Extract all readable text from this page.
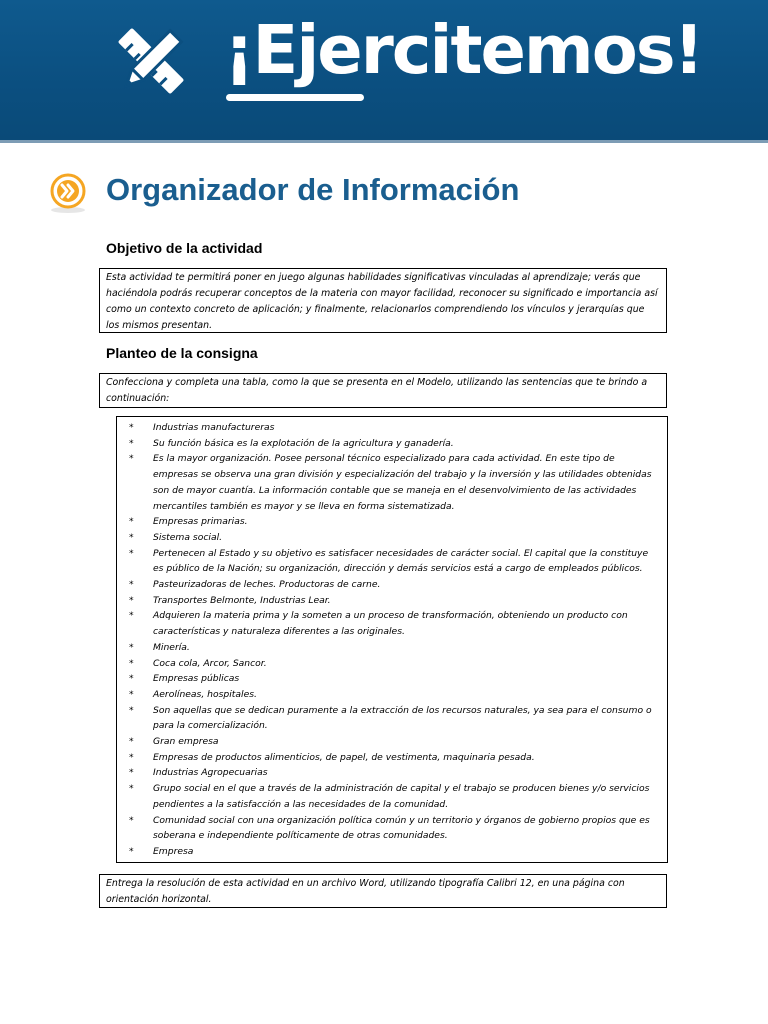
¡Ejercitemos!
Organizador de Información
Objetivo de la actividad

Esta actividad te permitirá poner en juego algunas habilidades significativas vinculadas al aprendizaje; verás que haciéndola podrás recuperar conceptos de la materia con mayor facilidad, reconocer su significado e importancia así como un contexto concreto de aplicación; y finalmente, relacionarlos comprendiendo los vínculos y jerarquías que los mismos presentan.

Planteo de la consigna

Confecciona y completa una tabla, como la que se presenta en el Modelo, utilizando las sentencias que te brindo a continuación:

* Industrias manufactureras
* Su función básica es la explotación de la agricultura y ganadería.
* Es la mayor organización. Posee personal técnico especializado para cada actividad. En este tipo de empresas se observa una gran división y especialización del trabajo y la inversión y las utilidades obtenidas son de mayor cuantía. La información contable que se maneja en el desenvolvimiento de las actividades mercantiles también es mayor y se lleva en forma sistematizada.
* Empresas primarias.
* Sistema social.
* Pertenecen al Estado y su objetivo es satisfacer necesidades de carácter social. El capital que la constituye es público de la Nación; su organización, dirección y demás servicios está a cargo de empleados públicos.
* Pasteurizadoras de leches. Productoras de carne.
* Transportes Belmonte, Industrias Lear.
* Adquieren la materia prima y la someten a un proceso de transformación, obteniendo un producto con características y naturaleza diferentes a las originales.
* Minería.
* Coca cola, Arcor, Sancor.
* Empresas públicas
* Aerolíneas, hospitales.
* Son aquellas que se dedican puramente a la extracción de los recursos naturales, ya sea para el consumo o para la comercialización.
* Gran empresa
* Empresas de productos alimenticios, de papel, de vestimenta, maquinaria pesada.
* Industrias Agropecuarias
* Grupo social en el que a través de la administración de capital y el trabajo se producen bienes y/o servicios pendientes a la satisfacción a las necesidades de la comunidad.
* Comunidad social con una organización política común y un territorio y órganos de gobierno propios que es soberana e independiente políticamente de otras comunidades.
* Empresa

Entrega la resolución de esta actividad en un archivo Word, utilizando tipografía Calibri 12, en una página con orientación horizontal.
